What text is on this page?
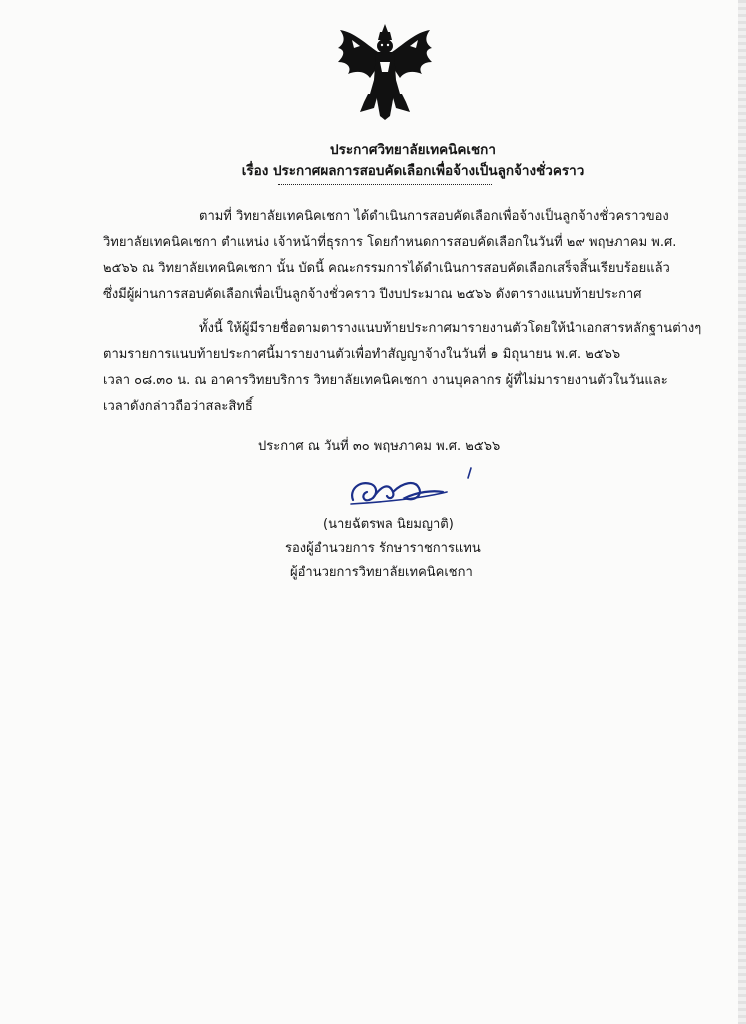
ประกาศวิทยาลัยเทคนิคเชกา
เรื่อง ประกาศผลการสอบคัดเลือกเพื่อจ้างเป็นลูกจ้างชั่วคราว
ตามที่ วิทยาลัยเทคนิคเชกา ได้ดำเนินการสอบคัดเลือกเพื่อจ้างเป็นลูกจ้างชั่วคราวของ
วิทยาลัยเทคนิคเชกา ตำแหน่ง เจ้าหน้าที่ธุรการ โดยกำหนดการสอบคัดเลือกในวันที่ ๒๙ พฤษภาคม พ.ศ.
๒๕๖๖ ณ วิทยาลัยเทคนิคเชกา นั้น บัดนี้ คณะกรรมการได้ดำเนินการสอบคัดเลือกเสร็จสิ้นเรียบร้อยแล้ว
ซึ่งมีผู้ผ่านการสอบคัดเลือกเพื่อเป็นลูกจ้างชั่วคราว ปีงบประมาณ ๒๕๖๖ ดังตารางแนบท้ายประกาศ
ทั้งนี้ ให้ผู้มีรายชื่อตามตารางแนบท้ายประกาศมารายงานตัวโดยให้นำเอกสารหลักฐานต่างๆ
ตามรายการแนบท้ายประกาศนี้มารายงานตัวเพื่อทำสัญญาจ้างในวันที่ ๑ มิถุนายน พ.ศ. ๒๕๖๖
เวลา ๐๘.๓๐ น. ณ อาคารวิทยบริการ วิทยาลัยเทคนิคเชกา งานบุคลากร ผู้ที่ไม่มารายงานตัวในวันและ
เวลาดังกล่าวถือว่าสละสิทธิ์
ประกาศ ณ วันที่ ๓๐ พฤษภาคม พ.ศ. ๒๕๖๖
(นายฉัตรพล นิยมญาติ)
รองผู้อำนวยการ รักษาราชการแทน
ผู้อำนวยการวิทยาลัยเทคนิคเชกา
